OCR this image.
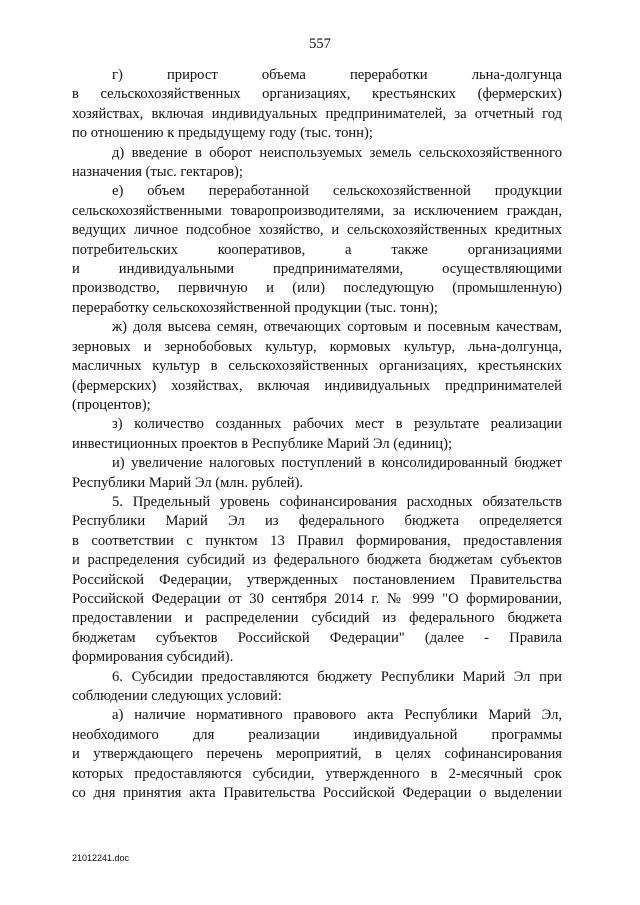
557

г) прирост объема переработки льна-долгунца
в сельскохозяйственных организациях, крестьянских (фермерских)
хозяйствах, включая индивидуальных предпринимателей, за отчетный год
по отношению к предыдущему году (тыс. тонн);

д) введение в оборот неиспользуемых земель сельскохозяйственного
назначения (тыс. гектаров);

е) объем переработанной сельскохозяйственной продукции
сельскохозяйственными товаропроизводителями, за исключением граждан,
ведущих личное подсобное хозяйство, и сельскохозяйственных кредитных
потребительских кооперативов, а также организациями
и индивидуальными предпринимателями, осуществляющими
производство, первичную и (или) последующую (промышленную)
переработку сельскохозяйственной продукции (тыс. тонн);

ж) доля высева семян, отвечающих сортовым и посевным качествам,
зерновых и зернобобовых культур, кормовых культур, льна-долгунца,
масличных культур в сельскохозяйственных организациях, крестьянских
(фермерских) хозяйствах, включая индивидуальных предпринимателей
(процентов);

з) количество созданных рабочих мест в результате реализации
инвестиционных проектов в Республике Марий Эл (единиц);

и) увеличение налоговых поступлений в консолидированный бюджет
Республики Марий Эл (млн. рублей).

5. Предельный уровень софинансирования расходных обязательств
Республики Марий Эл из федерального бюджета определяется
в соответствии с пунктом 13 Правил формирования, предоставления
и распределения субсидий из федерального бюджета бюджетам субъектов
Российской Федерации, утвержденных постановлением Правительства
Российской Федерации от 30 сентября 2014 г. № 999 "О формировании,
предоставлении и распределении субсидий из федерального бюджета
бюджетам субъектов Российской Федерации" (далее - Правила
формирования субсидий).

6. Субсидии предоставляются бюджету Республики Марий Эл при
соблюдении следующих условий:

а) наличие нормативного правового акта Республики Марий Эл,
необходимого для реализации индивидуальной программы
и утверждающего перечень мероприятий, в целях софинансирования
которых предоставляются субсидии, утвержденного в 2-месячный срок
со дня принятия акта Правительства Российской Федерации о выделении

21012241.doc
